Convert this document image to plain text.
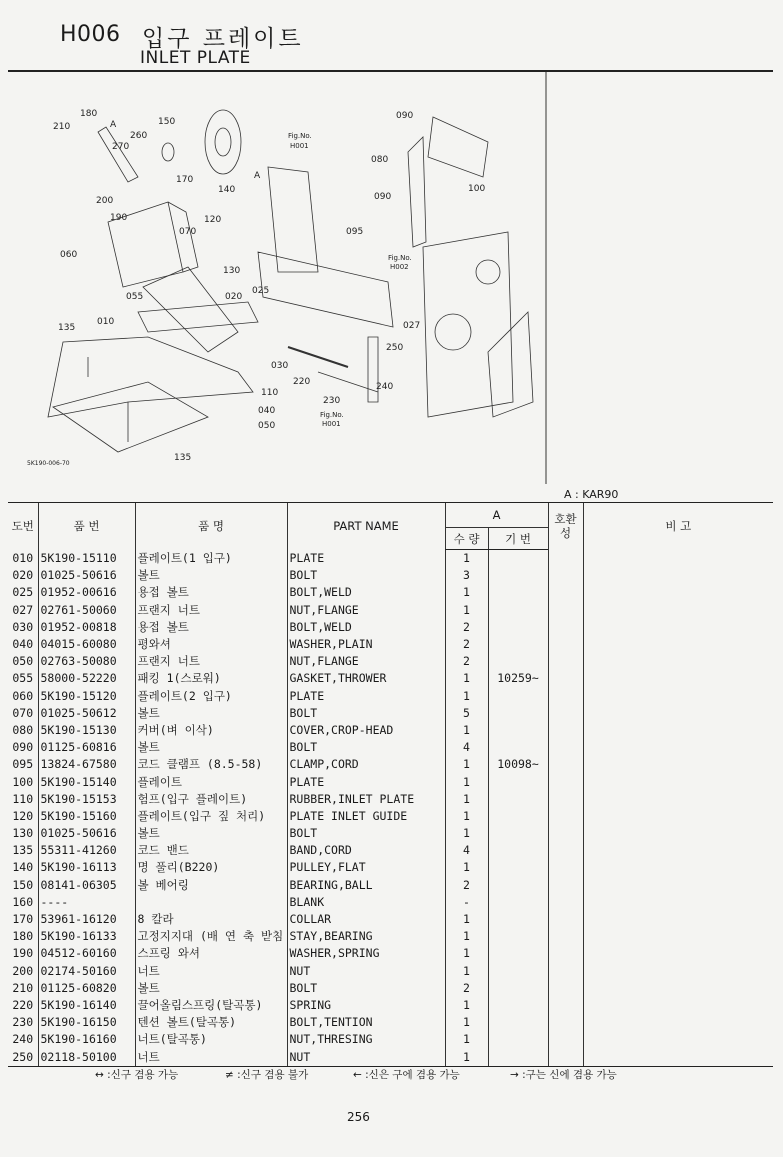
H006 입구 프레이트
INLET PLATE
210
180
A	150
260
270
170
140
Fig.No.
H001
A
090
080
100
200
190	120
070
130
060
055	020
025
010
135
090
095
Fig.No.
H002
027
250
030
220	240
110
230
040
050
Fig.No.
H001
135
5K190-006-70
A : KAR90
도번	품 번	품 명	PART NAME	A		호환성	비 고
				수 량	기 번		
010	5K190-15110	플레이트(1 입구)	PLATE	1			
020	01025-50616	볼트	BOLT	3			
025	01952-00616	용접 볼트	BOLT,WELD	1			
027	02761-50060	프랜지 너트	NUT,FLANGE	1			
030	01952-00818	용접 볼트	BOLT,WELD	2			
040	04015-60080	평와셔	WASHER,PLAIN	2			
050	02763-50080	프랜지 너트	NUT,FLANGE	2			
055	58000-52220	패킹 1(스로워)	GASKET,THROWER	1	10259~		
060	5K190-15120	플레이트(2 입구)	PLATE	1			
070	01025-50612	볼트	BOLT	5			
080	5K190-15130	커버(벼 이삭)	COVER,CROP-HEAD	1			
090	01125-60816	볼트	BOLT	4			
095	13824-67580	코드 클램프 (8.5-58)	CLAMP,CORD	1	10098~		
100	5K190-15140	플레이트	PLATE	1			
110	5K190-15153	험프(입구 플레이트)	RUBBER,INLET PLATE	1			
120	5K190-15160	플레이트(입구 짚 처리)	PLATE INLET GUIDE	1			
130	01025-50616	볼트	BOLT	1			
135	55311-41260	코드 밴드	BAND,CORD	4			
140	5K190-16113	명 풀리(B220)	PULLEY,FLAT	1			
150	08141-06305	볼 베어링	BEARING,BALL	2			
160	----		BLANK	-			
170	53961-16120	8 칼라	COLLAR	1			
180	5K190-16133	고정지지대 (배 연 축 받침	STAY,BEARING	1			
190	04512-60160	스프링 와셔	WASHER,SPRING	1			
200	02174-50160	너트	NUT	1			
210	01125-60820	볼트	BOLT	2			
220	5K190-16140	끌어올림스프링(탈곡통)	SPRING	1			
230	5K190-16150	텐션 볼트(탈곡통)	BOLT,TENTION	1			
240	5K190-16160	너트(탈곡통)	NUT,THRESING	1			
250	02118-50100	너트	NUT	1			
↔ :신구 겸용 가능	≠ :신구 겸용 불가	← :신은 구에 겸용 가능	→ :구는 신에 겸용 가능
256
